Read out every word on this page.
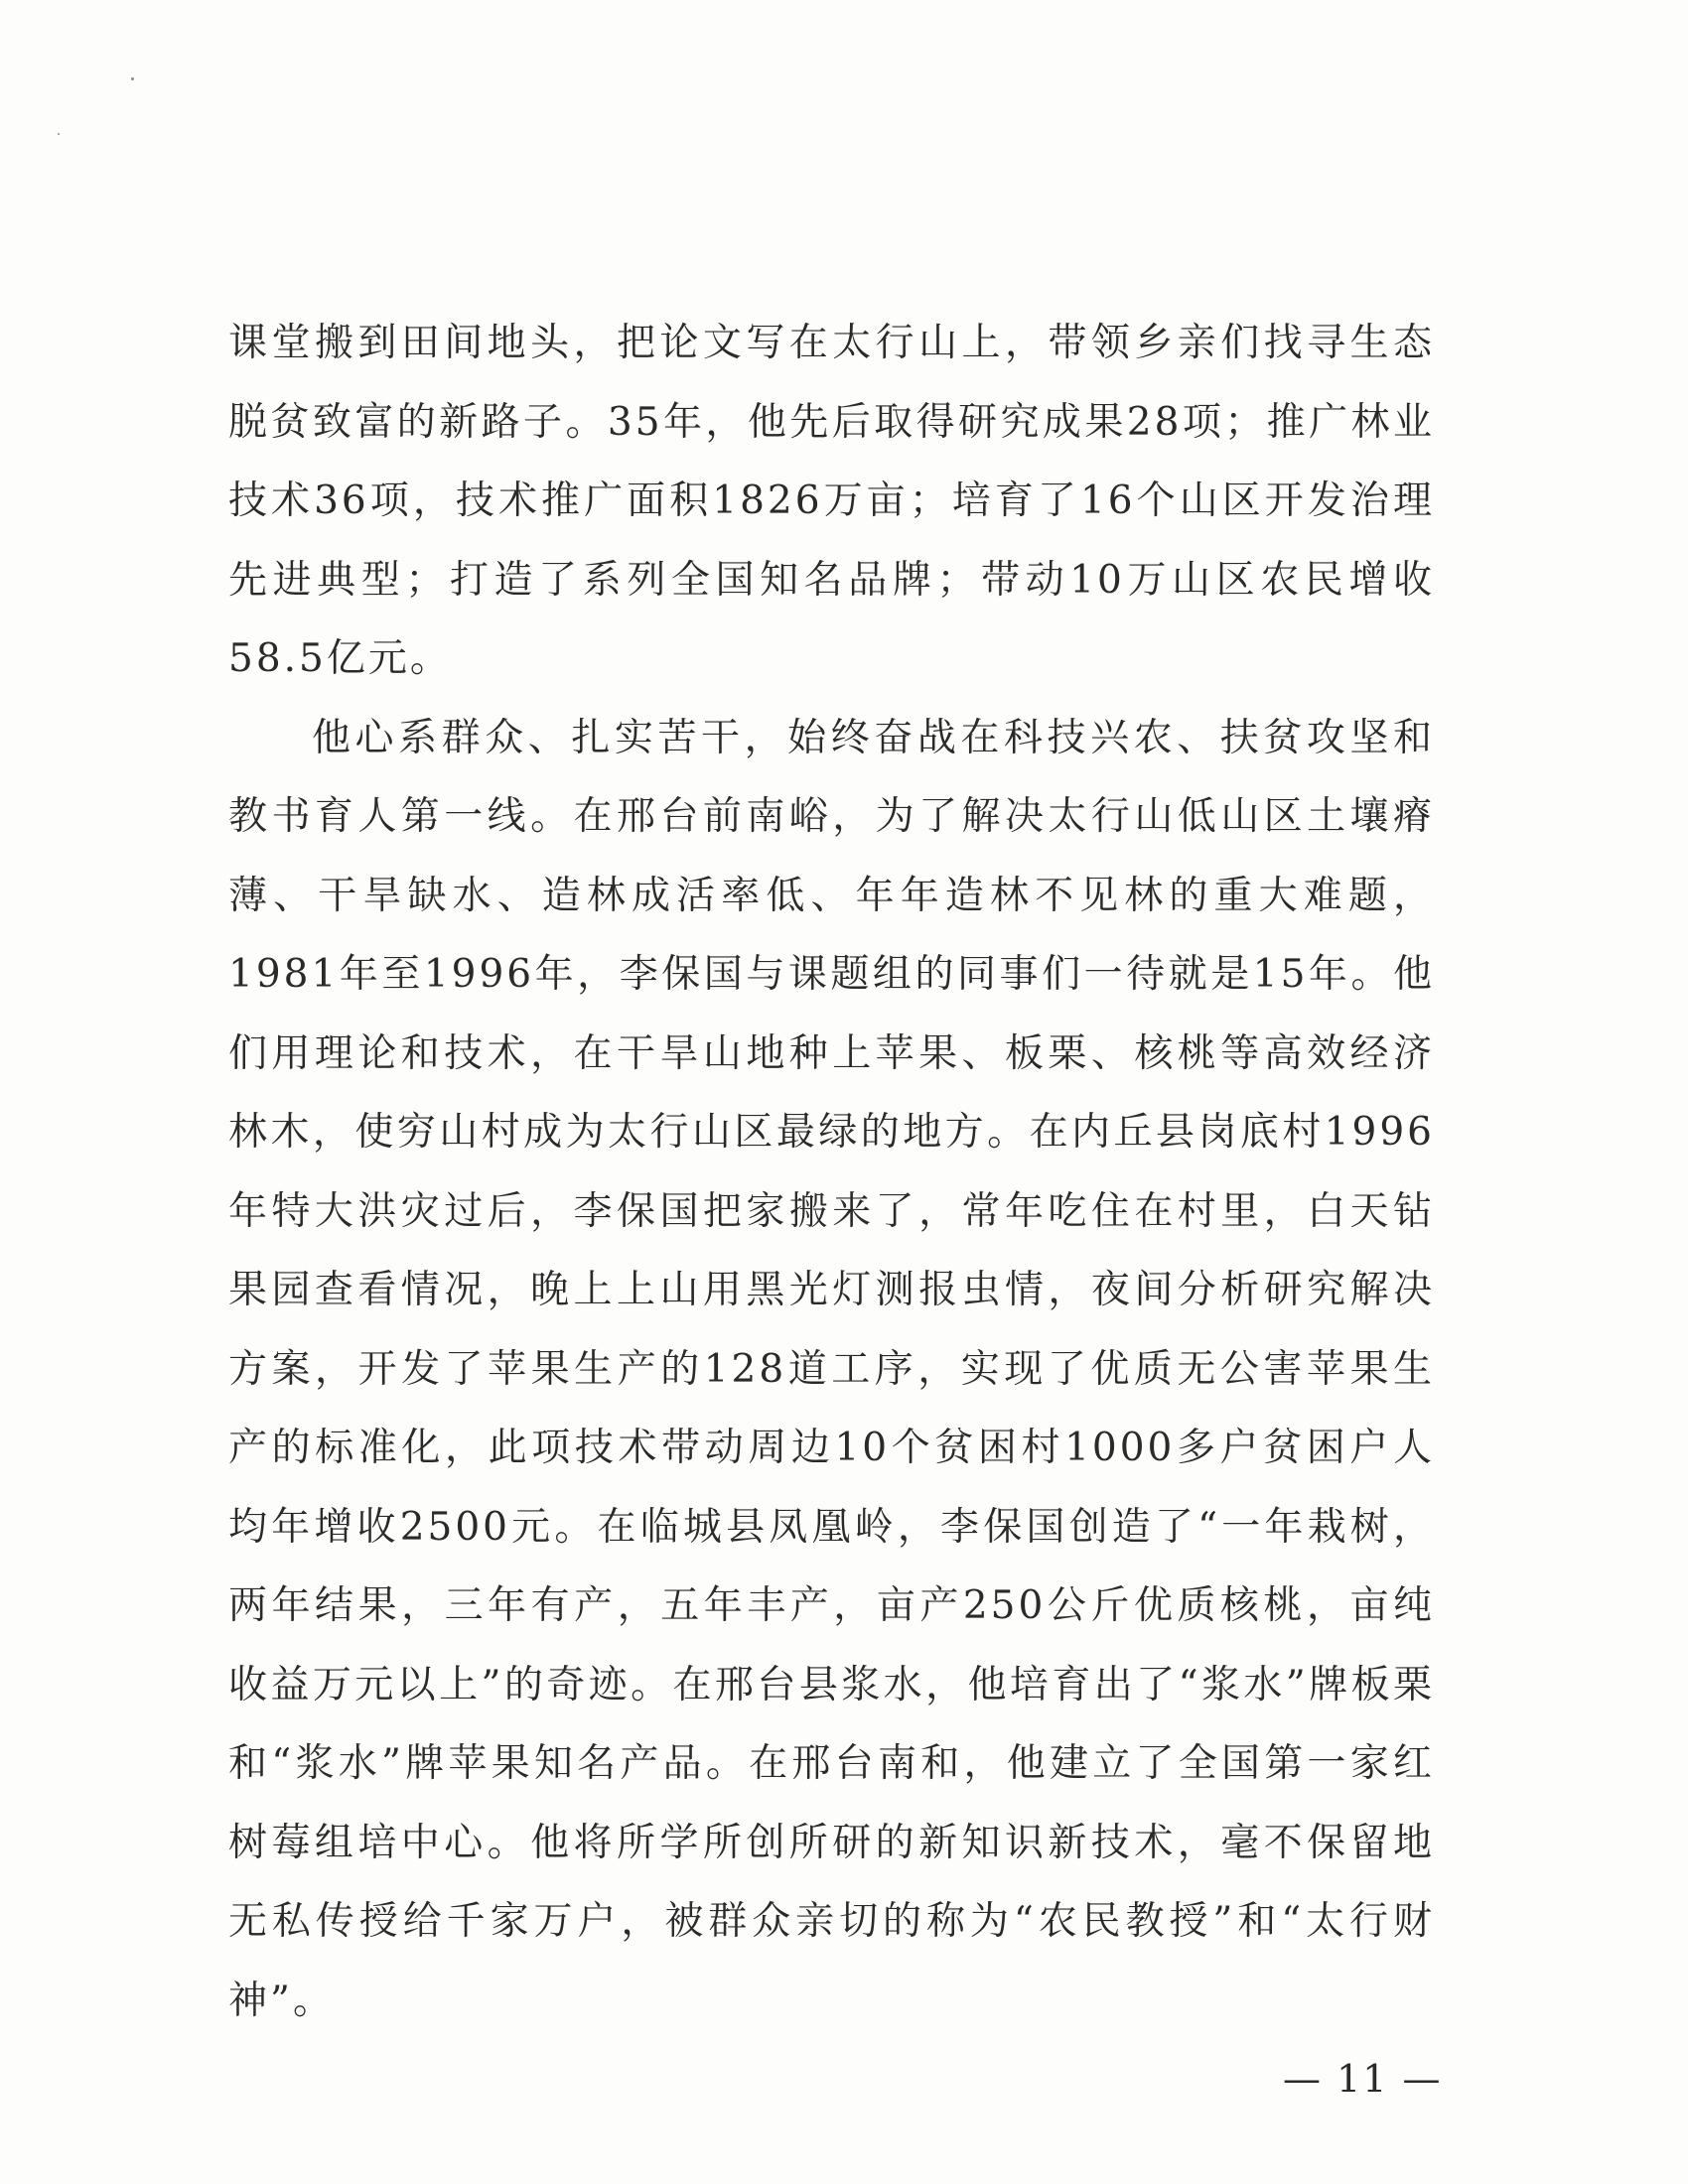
课堂搬到田间地头，把论文写在太行山上，带领乡亲们找寻生态脱贫致富的新路子。35年，他先后取得研究成果28项；推广林业技术36项，技术推广面积1826万亩；培育了16个山区开发治理先进典型；打造了系列全国知名品牌；带动10万山区农民增收58.5亿元。

他心系群众、扎实苦干，始终奋战在科技兴农、扶贫攻坚和教书育人第一线。在邢台前南峪，为了解决太行山低山区土壤瘠薄、干旱缺水、造林成活率低、年年造林不见林的重大难题，1981年至1996年，李保国与课题组的同事们一待就是15年。他们用理论和技术，在干旱山地种上苹果、板栗、核桃等高效经济林木，使穷山村成为太行山区最绿的地方。在内丘县岗底村1996年特大洪灾过后，李保国把家搬来了，常年吃住在村里，白天钻果园查看情况，晚上上山用黑光灯测报虫情，夜间分析研究解决方案，开发了苹果生产的128道工序，实现了优质无公害苹果生产的标准化，此项技术带动周边10个贫困村1000多户贫困户人均年增收2500元。在临城县凤凰岭，李保国创造了“一年栽树，两年结果，三年有产，五年丰产，亩产250公斤优质核桃，亩纯收益万元以上”的奇迹。在邢台县浆水，他培育出了“浆水”牌板栗和“浆水”牌苹果知名产品。在邢台南和，他建立了全国第一家红树莓组培中心。他将所学所创所研的新知识新技术，毫不保留地无私传授给千家万户，被群众亲切的称为“农民教授”和“太行财神”。

— 11 —
